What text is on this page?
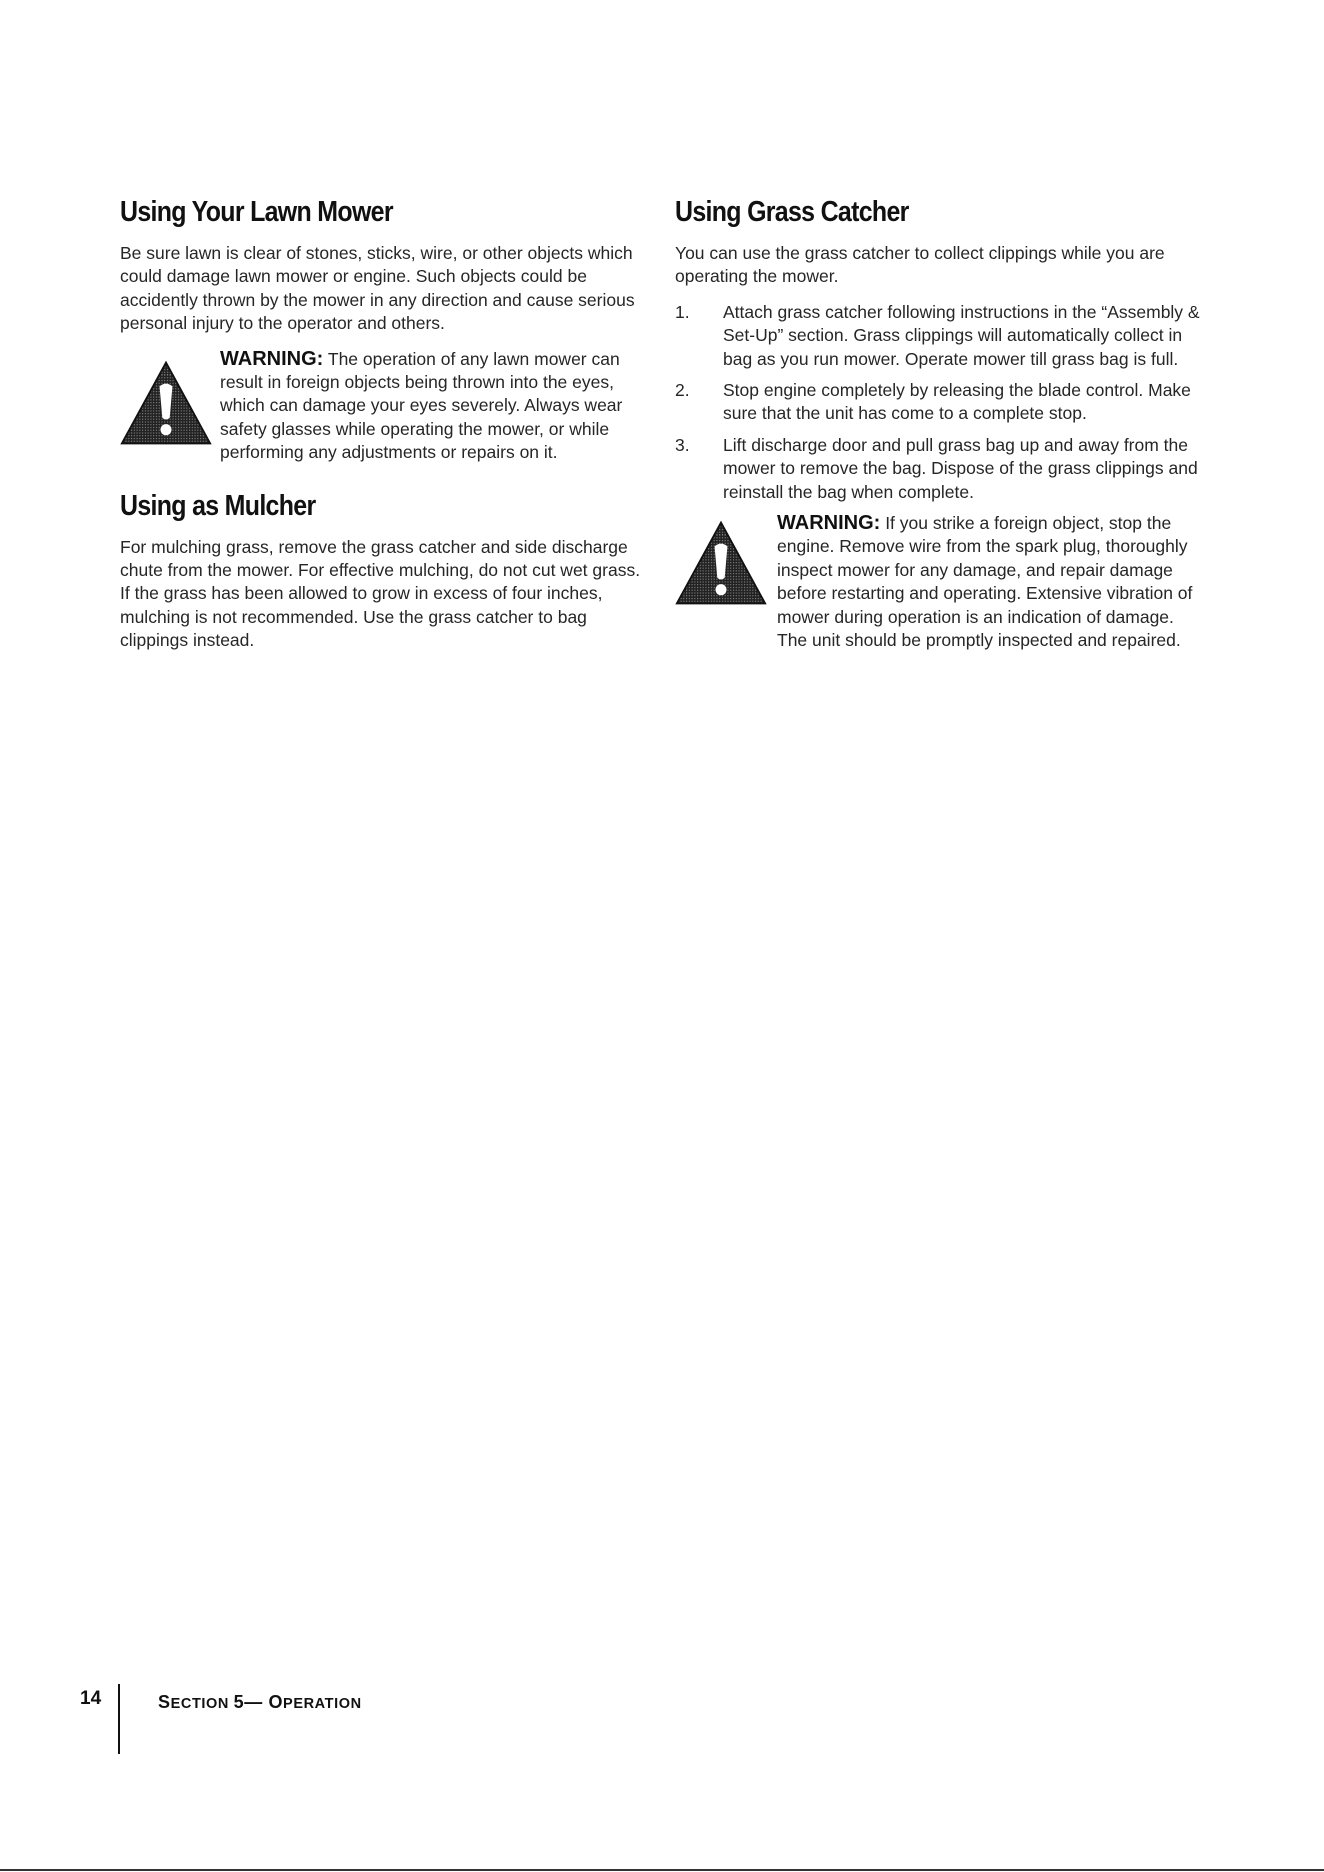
Using Your Lawn Mower

Be sure lawn is clear of stones, sticks, wire, or other objects which could damage lawn mower or engine. Such objects could be accidently thrown by the mower in any direction and cause serious personal injury to the operator and others.

WARNING: The operation of any lawn mower can result in foreign objects being thrown into the eyes, which can damage your eyes severely. Always wear safety glasses while operating the mower, or while performing any adjustments or repairs on it.
Using as Mulcher

For mulching grass, remove the grass catcher and side discharge chute from the mower. For effective mulching, do not cut wet grass. If the grass has been allowed to grow in excess of four inches, mulching is not recommended. Use the grass catcher to bag clippings instead.

Using Grass Catcher

You can use the grass catcher to collect clippings while you are operating the mower.

1.	Attach grass catcher following instructions in the “Assembly & Set-Up” section. Grass clippings will automatically collect in bag as you run mower. Operate mower till grass bag is full.
2.	Stop engine completely by releasing the blade control. Make sure that the unit has come to a complete stop.
3.	Lift discharge door and pull grass bag up and away from the mower to remove the bag. Dispose of the grass clippings and reinstall the bag when complete.
WARNING: If you strike a foreign object, stop the engine. Remove wire from the spark plug, thoroughly inspect mower for any damage, and repair damage before restarting and operating. Extensive vibration of mower during operation is an indication of damage. The unit should be promptly inspected and repaired.
14	SECTION 5— OPERATION
